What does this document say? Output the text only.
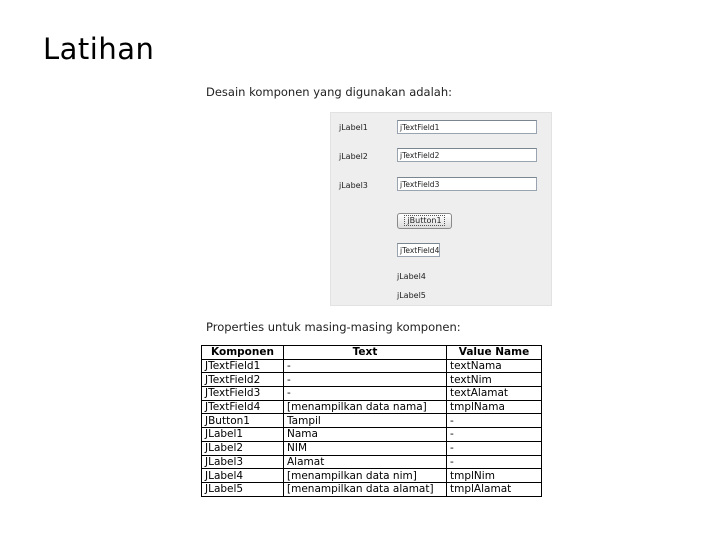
Latihan

Desain komponen yang digunakan adalah:

jLabel1	jTextField1
jLabel2	jTextField2
jLabel3	jTextField3
jButton1
jTextField4
jLabel4
jLabel5

Properties untuk masing-masing komponen:

Komponen	Text	Value Name
JTextField1	-	textNama
JTextField2	-	textNim
JTextField3	-	textAlamat
JTextField4	[menampilkan data nama]	tmplNama
JButton1	Tampil	-
JLabel1	Nama	-
JLabel2	NIM	-
JLabel3	Alamat	-
JLabel4	[menampilkan data nim]	tmplNim
JLabel5	[menampilkan data alamat]	tmplAlamat
